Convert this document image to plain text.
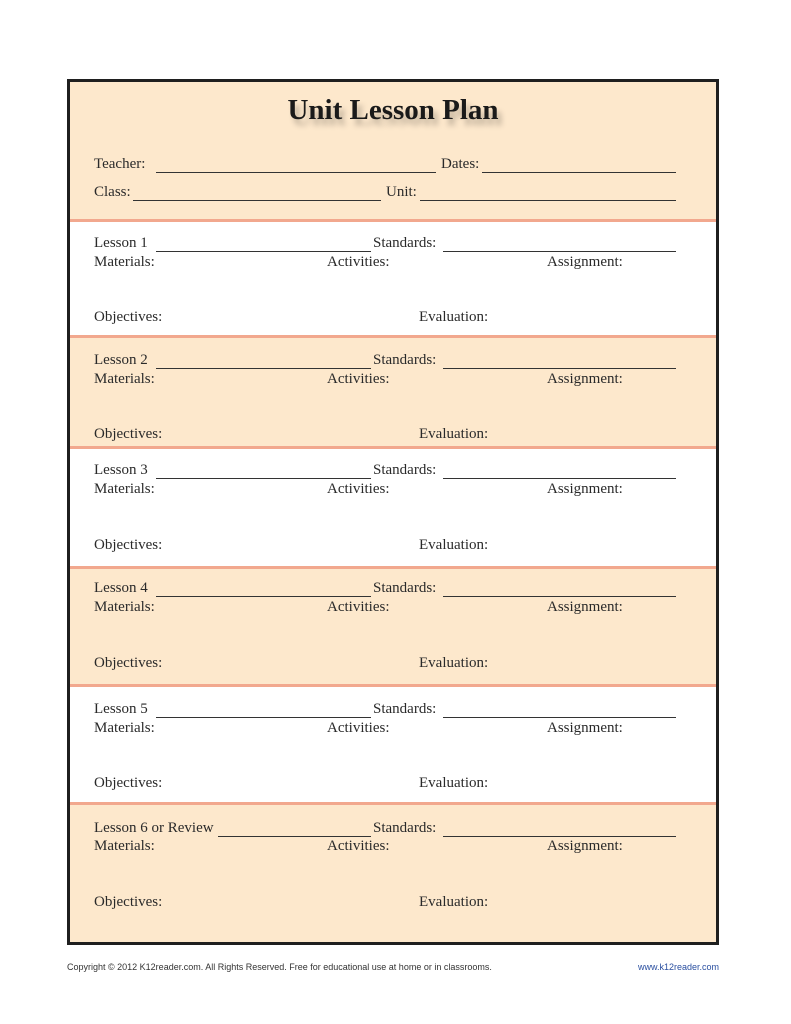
Unit Lesson Plan
Teacher:	Dates:
Class:	Unit:
Lesson 1	Standards:
Materials:	Activities:	Assignment:
Objectives:	Evaluation:
Lesson 2	Standards:
Materials:	Activities:	Assignment:
Objectives:	Evaluation:
Lesson 3	Standards:
Materials:	Activities:	Assignment:
Objectives:	Evaluation:
Lesson 4	Standards:
Materials:	Activities:	Assignment:
Objectives:	Evaluation:
Lesson 5	Standards:
Materials:	Activities:	Assignment:
Objectives:	Evaluation:
Lesson 6 or Review	Standards:
Materials:	Activities:	Assignment:
Objectives:	Evaluation:
Copyright © 2012 K12reader.com. All Rights Reserved. Free for educational use at home or in classrooms.	www.k12reader.com
